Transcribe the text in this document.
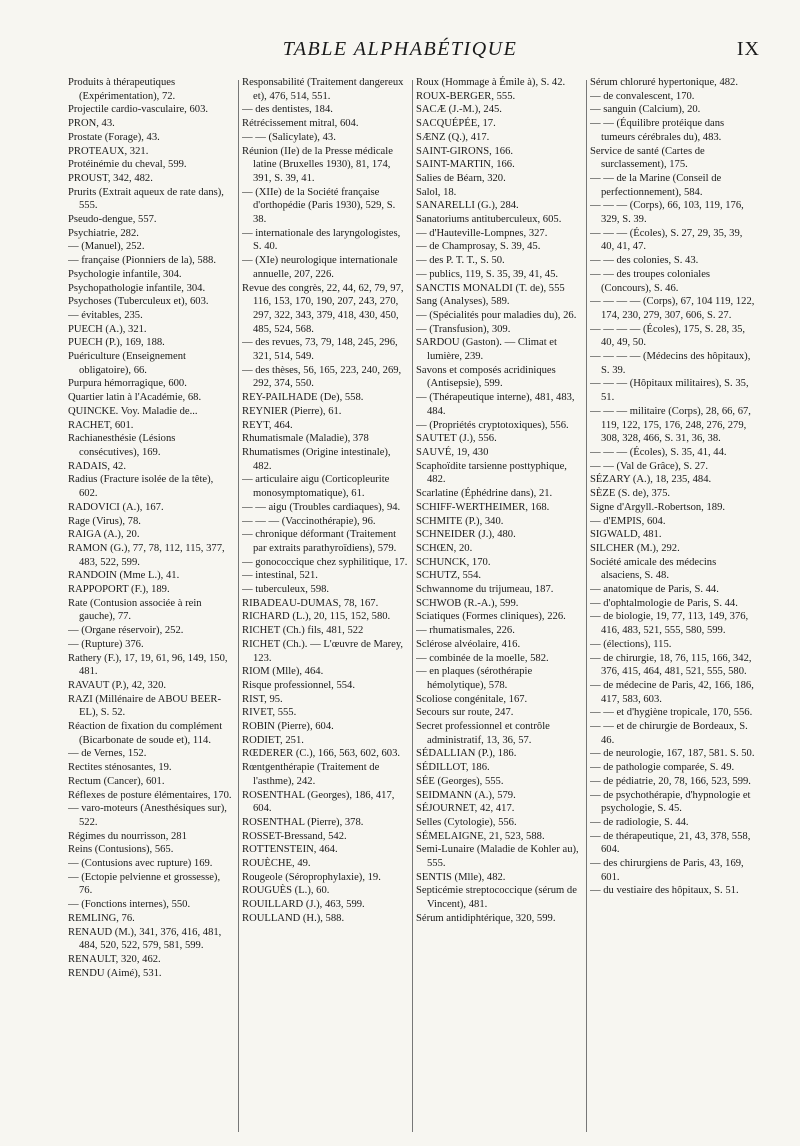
TABLE ALPHABÉTIQUE	IX

Produits à thérapeutiques (Expérimentation), 72.

Projectile cardio-vasculaire, 603.

PRON, 43.

Prostate (Forage), 43.

PROTEAUX, 321.

Protéinémie du cheval, 599.

PROUST, 342, 482.

Prurits (Extrait aqueux de rate dans), 555.

Pseudo-dengue, 557.

Psychiatrie, 282.

— (Manuel), 252.

— française (Pionniers de la), 588.

Psychologie infantile, 304.

Psychopathologie infantile, 304.

Psychoses (Tuberculeux et), 603.

— évitables, 235.

PUECH (A.), 321.

PUECH (P.), 169, 188.

Puériculture (Enseignement obligatoire), 66.

Purpura hémorragique, 600.

Quartier latin à l'Académie, 68.

QUINCKE. Voy. Maladie de...

RACHET, 601.

Rachianesthésie (Lésions consécutives), 169.

RADAIS, 42.

Radius (Fracture isolée de la tête), 602.

RADOVICI (A.), 167.

Rage (Virus), 78.

RAIGA (A.), 20.

RAMON (G.), 77, 78, 112, 115, 377, 483, 522, 599.

RANDOIN (Mme L.), 41.

RAPPOPORT (F.), 189.

Rate (Contusion associée à rein gauche), 77.

— (Organe réservoir), 252.

— (Rupture) 376.

Rathery (F.), 17, 19, 61, 96, 149, 150, 481.

RAVAUT (P.), 42, 320.

RAZI (Millénaire de ABOU BEER-EL), S. 52.

Réaction de fixation du complément (Bicarbonate de soude et), 114.

— de Vernes, 152.

Rectites sténosantes, 19.

Rectum (Cancer), 601.

Réflexes de posture élémentaires, 170.

— varo-moteurs (Anesthésiques sur), 522.

Régimes du nourrisson, 281

Reins (Contusions), 565.

— (Contusions avec rupture) 169.

— (Ectopie pelvienne et grossesse), 76.

— (Fonctions internes), 550.

REMLING, 76.

RENAUD (M.), 341, 376, 416, 481, 484, 520, 522, 579, 581, 599.

RENAULT, 320, 462.

RENDU (Aimé), 531.

Responsabilité (Traitement dangereux et), 476, 514, 551.

— des dentistes, 184.

Rétrécissement mitral, 604.

— — (Salicylate), 43.

Réunion (IIe) de la Presse médicale latine (Bruxelles 1930), 81, 174, 391, S. 39, 41.

— (XIIe) de la Société française d'orthopédie (Paris 1930), 529, S. 38.

— internationale des laryngologistes, S. 40.

— (XIe) neurologique internationale annuelle, 207, 226.

Revue des congrès, 22, 44, 62, 79, 97, 116, 153, 170, 190, 207, 243, 270, 297, 322, 343, 379, 418, 430, 450, 485, 524, 568.

— des revues, 73, 79, 148, 245, 296, 321, 514, 549.

— des thèses, 56, 165, 223, 240, 269, 292, 374, 550.

REY-PAILHADE (De), 558.

REYNIER (Pierre), 61.

REYT, 464.

Rhumatismale (Maladie), 378

Rhumatismes (Origine intestinale), 482.

— articulaire aigu (Corticopleurite monosymptomatique), 61.

— — aigu (Troubles cardiaques), 94.

— — — (Vaccinothérapie), 96.

— chronique déformant (Traitement par extraits parathyroïdiens), 579.

— gonococcique chez syphilitique, 17.

— intestinal, 521.

— tuberculeux, 598.

RIBADEAU-DUMAS, 78, 167.

RICHARD (L.), 20, 115, 152, 580.

RICHET (Ch.) fils, 481, 522

RICHET (Ch.). — L'œuvre de Marey, 123.

RIOM (Mlle), 464.

Risque professionnel, 554.

RIST, 95.

RIVET, 555.

ROBIN (Pierre), 604.

RODIET, 251.

RŒDERER (C.), 166, 563, 602, 603.

Rœntgenthérapie (Traitement de l'asthme), 242.

ROSENTHAL (Georges), 186, 417, 604.

ROSENTHAL (Pierre), 378.

ROSSET-Bressand, 542.

ROTTENSTEIN, 464.

ROUÈCHE, 49.

Rougeole (Séroprophylaxie), 19.

ROUGUÈS (L.), 60.

ROUILLARD (J.), 463, 599.

ROULLAND (H.), 588.

Roux (Hommage à Émile à), S. 42.

ROUX-BERGER, 555.

SACÆ (J.-M.), 245.

SACQUÉPÉE, 17.

SÆNZ (Q.), 417.

SAINT-GIRONS, 166.

SAINT-MARTIN, 166.

Salies de Béarn, 320.

Salol, 18.

SANARELLI (G.), 284.

Sanatoriums antituberculeux, 605.

— d'Hauteville-Lompnes, 327.

— de Champrosay, S. 39, 45.

— des P. T. T., S. 50.

— publics, 119, S. 35, 39, 41, 45.

SANCTIS MONALDI (T. de), 555

Sang (Analyses), 589.

— (Spécialités pour maladies du), 26.

— (Transfusion), 309.

SARDOU (Gaston). — Climat et lumière, 239.

Savons et composés acridiniques (Antisepsie), 599.

— (Thérapeutique interne), 481, 483, 484.

— (Propriétés cryptotoxiques), 556.

SAUTET (J.), 556.

SAUVÉ, 19, 430

Scaphoïdite tarsienne posttyphique, 482.

Scarlatine (Éphédrine dans), 21.

SCHIFF-WERTHEIMER, 168.

SCHMITE (P.), 340.

SCHNEIDER (J.), 480.

SCHŒN, 20.

SCHUNCK, 170.

SCHUTZ, 554.

Schwannome du trijumeau, 187.

SCHWOB (R.-A.), 599.

Sciatiques (Formes cliniques), 226.

— rhumatismales, 226.

Sclérose alvéolaire, 416.

— combinée de la moelle, 582.

— en plaques (sérothérapie hémolytique), 578.

Scoliose congénitale, 167.

Secours sur route, 247.

Secret professionnel et contrôle administratif, 13, 36, 57.

SÉDALLIAN (P.), 186.

SÉDILLOT, 186.

SÉE (Georges), 555.

SEIDMANN (A.), 579.

SÉJOURNET, 42, 417.

Selles (Cytologie), 556.

SÉMELAIGNE, 21, 523, 588.

Semi-Lunaire (Maladie de Kohler au), 555.

SENTIS (Mlle), 482.

Septicémie streptococcique (sérum de Vincent), 481.

Sérum antidiphtérique, 320, 599.

Sérum chloruré hypertonique, 482.

— de convalescent, 170.

— sanguin (Calcium), 20.

— — (Équilibre protéique dans tumeurs cérébrales du), 483.

Service de santé (Cartes de surclassement), 175.

— — de la Marine (Conseil de perfectionnement), 584.

— — — (Corps), 66, 103, 119, 176, 329, S. 39.

— — — (Écoles), S. 27, 29, 35, 39, 40, 41, 47.

— — des colonies, S. 43.

— — des troupes coloniales (Concours), S. 46.

— — — — (Corps), 67, 104 119, 122, 174, 230, 279, 307, 606, S. 27.

— — — — (Écoles), 175, S. 28, 35, 40, 49, 50.

— — — — (Médecins des hôpitaux), S. 39.

— — — (Hôpitaux militaires), S. 35, 51.

— — — militaire (Corps), 28, 66, 67, 119, 122, 175, 176, 248, 276, 279, 308, 328, 466, S. 31, 36, 38.

— — — (Écoles), S. 35, 41, 44.

— — (Val de Grâce), S. 27.

SÉZARY (A.), 18, 235, 484.

SÈZE (S. de), 375.

Signe d'Argyll.-Robertson, 189.

— d'EMPIS, 604.

SIGWALD, 481.

SILCHER (M.), 292.

Société amicale des médecins alsaciens, S. 48.

— anatomique de Paris, S. 44.

— d'ophtalmologie de Paris, S. 44.

— de biologie, 19, 77, 113, 149, 376, 416, 483, 521, 555, 580, 599.

— (élections), 115.

— de chirurgie, 18, 76, 115, 166, 342, 376, 415, 464, 481, 521, 555, 580.

— de médecine de Paris, 42, 166, 186, 417, 583, 603.

— — et d'hygiène tropicale, 170, 556.

— — et de chirurgie de Bordeaux, S. 46.

— de neurologie, 167, 187, 581. S. 50.

— de pathologie comparée, S. 49.

— de pédiatrie, 20, 78, 166, 523, 599.

— de psychothérapie, d'hypnologie et psychologie, S. 45.

— de radiologie, S. 44.

— de thérapeutique, 21, 43, 378, 558, 604.

— des chirurgiens de Paris, 43, 169, 601.

— du vestiaire des hôpitaux, S. 51.
